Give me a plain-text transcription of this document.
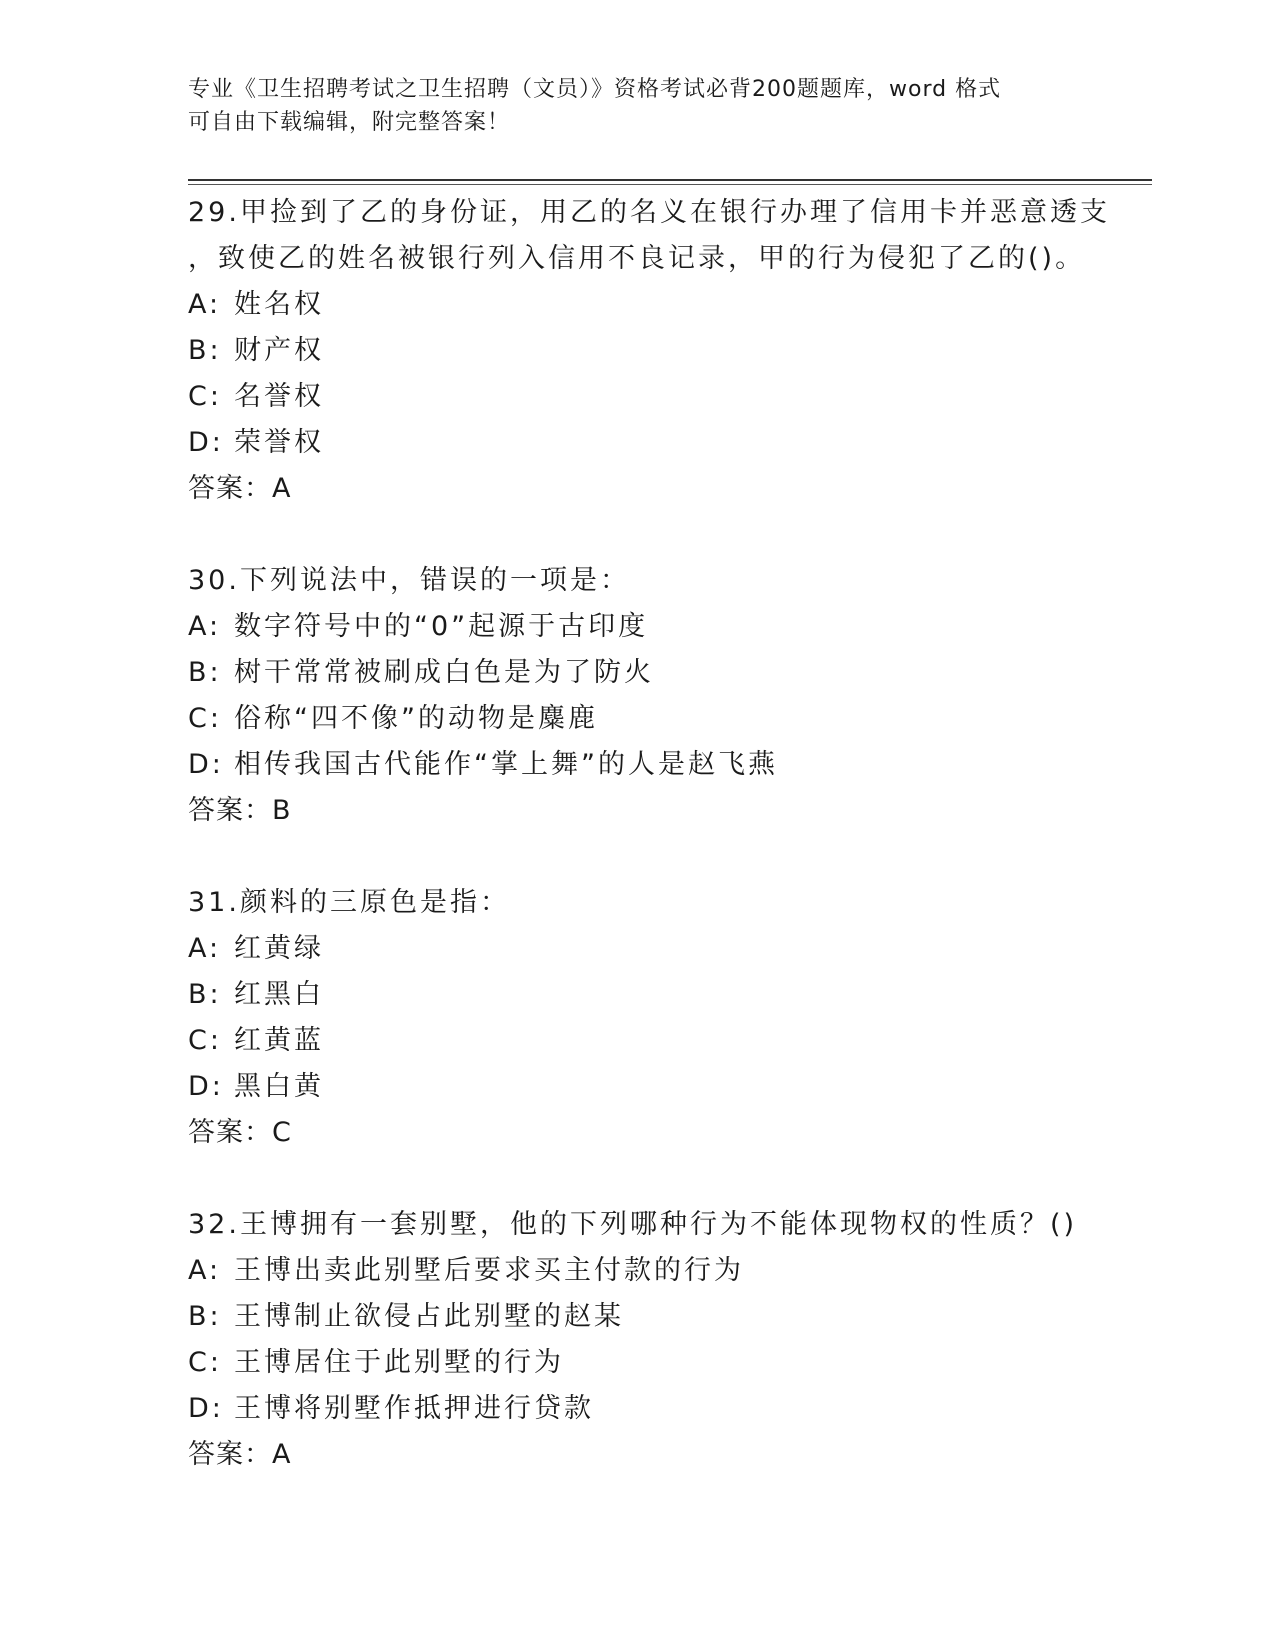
专业《卫生招聘考试之卫生招聘（文员）》资格考试必背200题题库，word 格式
可自由下载编辑，附完整答案！
29.甲捡到了乙的身份证，用乙的名义在银行办理了信用卡并恶意透支
，致使乙的姓名被银行列入信用不良记录，甲的行为侵犯了乙的()。
A: 姓名权
B: 财产权
C: 名誉权
D: 荣誉权
答案：A
30.下列说法中，错误的一项是：
A: 数字符号中的“0”起源于古印度
B: 树干常常被刷成白色是为了防火
C: 俗称“四不像”的动物是麋鹿
D: 相传我国古代能作“掌上舞”的人是赵飞燕
答案：B
31.颜料的三原色是指：
A: 红黄绿
B: 红黑白
C: 红黄蓝
D: 黑白黄
答案：C
32.王博拥有一套别墅，他的下列哪种行为不能体现物权的性质？()
A: 王博出卖此别墅后要求买主付款的行为
B: 王博制止欲侵占此别墅的赵某
C: 王博居住于此别墅的行为
D: 王博将别墅作抵押进行贷款
答案：A
